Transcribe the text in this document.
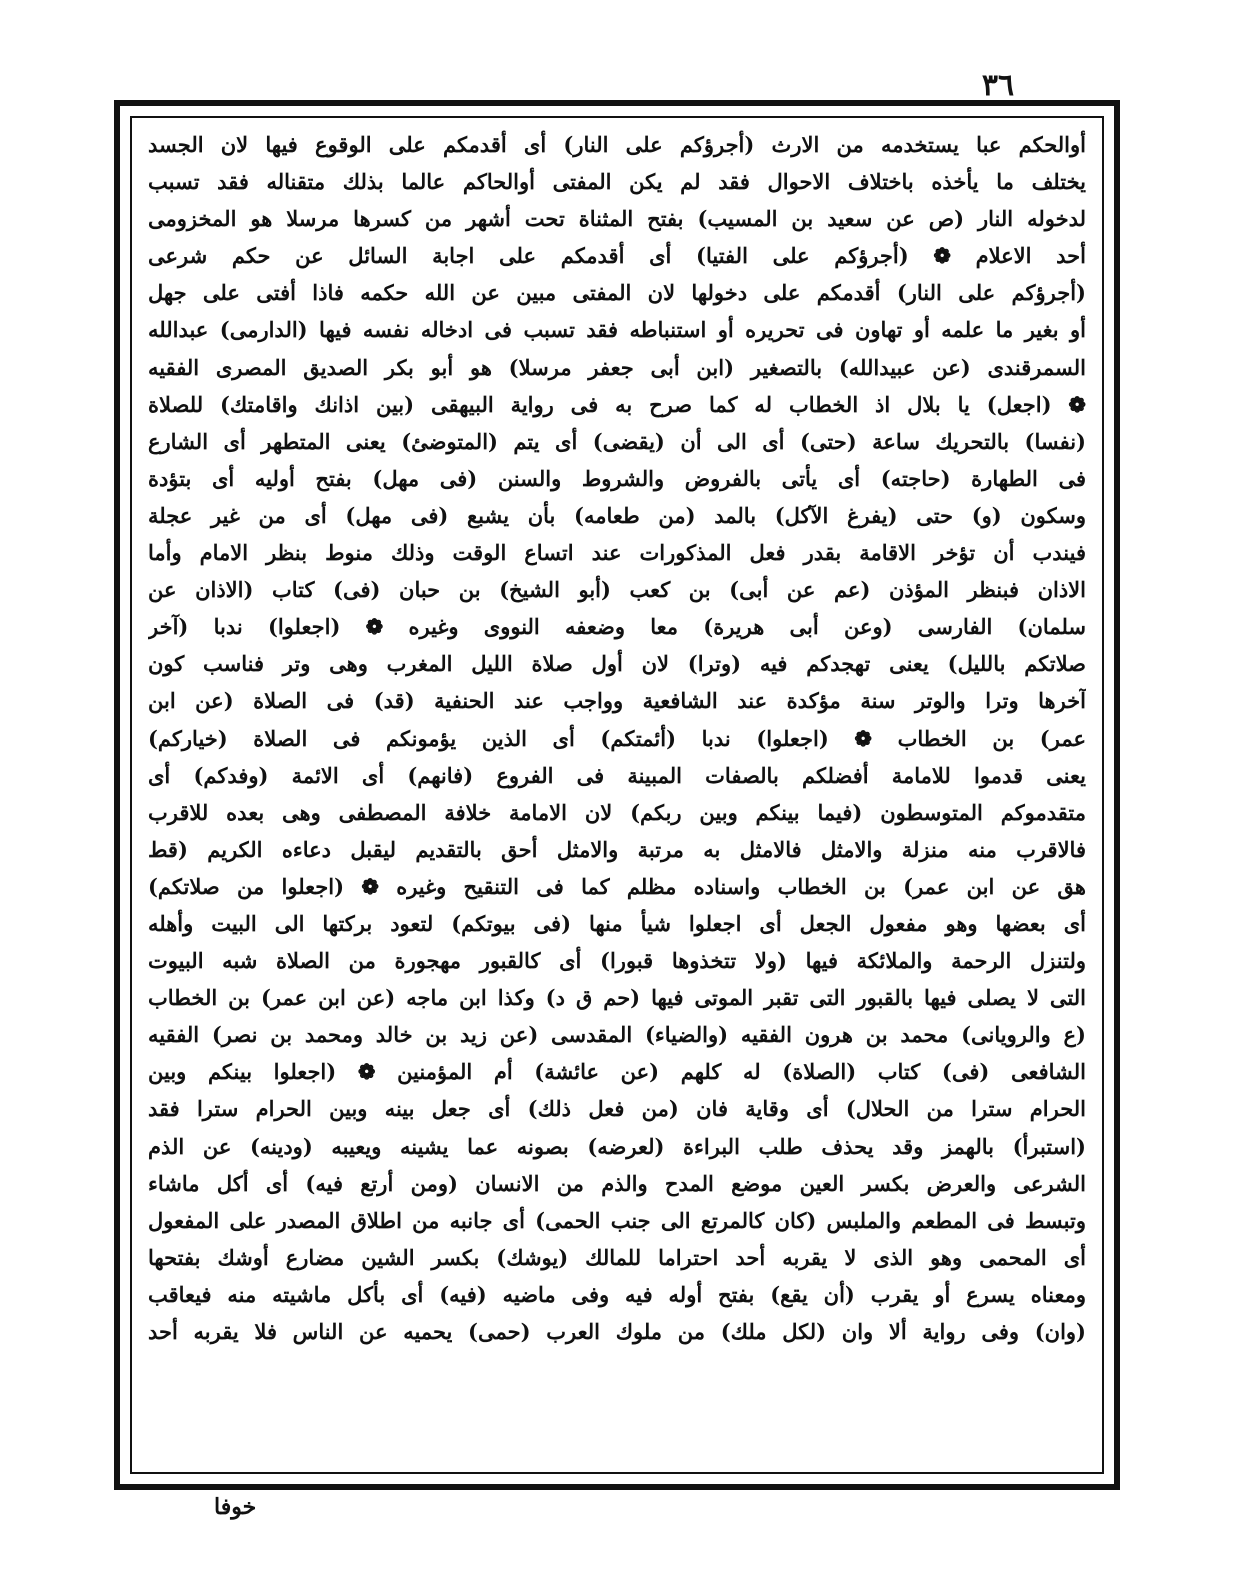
٣٦
أوالحكم عبا يستخدمه من الارث (أجرؤكم على النار) أى أقدمكم على الوقوع فيها لان الجسد
يختلف ما يأخذه باختلاف الاحوال فقد لم يكن المفتى أوالحاكم عالما بذلك متقناله فقد تسبب
لدخوله النار (ص عن سعيد بن المسيب) بفتح المثناة تحت أشهر من كسرها مرسلا هو المخزومى
أحد الاعلام ❁ (أجرؤكم على الفتيا) أى أقدمكم على اجابة السائل عن حكم شرعى
(أجرؤكم على النار) أقدمكم على دخولها لان المفتى مبين عن الله حكمه فاذا أفتى على جهل
أو بغير ما علمه أو تهاون فى تحريره أو استنباطه فقد تسبب فى ادخاله نفسه فيها (الدارمى) عبدالله
السمرقندى (عن عبيدالله) بالتصغير (ابن أبى جعفر مرسلا) هو أبو بكر الصديق المصرى الفقيه
❁ (اجعل) يا بلال اذ الخطاب له كما صرح به فى رواية البيهقى (بين اذانك واقامتك) للصلاة
(نفسا) بالتحريك ساعة (حتى) أى الى أن (يقضى) أى يتم (المتوضئ) يعنى المتطهر أى الشارع
فى الطهارة (حاجته) أى يأتى بالفروض والشروط والسنن (فى مهل) بفتح أوليه أى بتؤدة
وسكون (و) حتى (يفرغ الآكل) بالمد (من طعامه) بأن يشبع (فى مهل) أى من غير عجلة
فيندب أن تؤخر الاقامة بقدر فعل المذكورات عند اتساع الوقت وذلك منوط بنظر الامام وأما
الاذان فبنظر المؤذن (عم عن أبى) بن كعب (أبو الشيخ) بن حبان (فى) كتاب (الاذان عن
سلمان) الفارسى (وعن أبى هريرة) معا وضعفه النووى وغيره ❁ (اجعلوا) ندبا (آخر
صلاتكم بالليل) يعنى تهجدكم فيه (وترا) لان أول صلاة الليل المغرب وهى وتر فناسب كون
آخرها وترا والوتر سنة مؤكدة عند الشافعية وواجب عند الحنفية (قد) فى الصلاة (عن ابن
عمر) بن الخطاب ❁ (اجعلوا) ندبا (أئمتكم) أى الذين يؤمونكم فى الصلاة (خياركم)
يعنى قدموا للامامة أفضلكم بالصفات المبينة فى الفروع (فانهم) أى الائمة (وفدكم) أى
متقدموكم المتوسطون (فيما بينكم وبين ربكم) لان الامامة خلافة المصطفى وهى بعده للاقرب
فالاقرب منه منزلة والامثل فالامثل به مرتبة والامثل أحق بالتقديم ليقبل دعاءه الكريم (قط
هق عن ابن عمر) بن الخطاب واسناده مظلم كما فى التنقيح وغيره ❁ (اجعلوا من صلاتكم)
أى بعضها وهو مفعول الجعل أى اجعلوا شيأ منها (فى بيوتكم) لتعود بركتها الى البيت وأهله
ولتنزل الرحمة والملائكة فيها (ولا تتخذوها قبورا) أى كالقبور مهجورة من الصلاة شبه البيوت
التى لا يصلى فيها بالقبور التى تقبر الموتى فيها (حم ق د) وكذا ابن ماجه (عن ابن عمر) بن الخطاب
(ع والرويانى) محمد بن هرون الفقيه (والضياء) المقدسى (عن زيد بن خالد ومحمد بن نصر) الفقيه
الشافعى (فى) كتاب (الصلاة) له كلهم (عن عائشة) أم المؤمنين ❁ (اجعلوا بينكم وبين
الحرام سترا من الحلال) أى وقاية فان (من فعل ذلك) أى جعل بينه وبين الحرام سترا فقد
(استبرأ) بالهمز وقد يحذف طلب البراءة (لعرضه) بصونه عما يشينه ويعيبه (ودينه) عن الذم
الشرعى والعرض بكسر العين موضع المدح والذم من الانسان (ومن أرتع فيه) أى أكل ماشاء
وتبسط فى المطعم والملبس (كان كالمرتع الى جنب الحمى) أى جانبه من اطلاق المصدر على المفعول
أى المحمى وهو الذى لا يقربه أحد احتراما للمالك (يوشك) بكسر الشين مضارع أوشك بفتحها
ومعناه يسرع أو يقرب (أن يقع) بفتح أوله فيه وفى ماضيه (فيه) أى بأكل ماشيته منه فيعاقب
(وان) وفى رواية ألا وان (لكل ملك) من ملوك العرب (حمى) يحميه عن الناس فلا يقربه أحد
خوفا
